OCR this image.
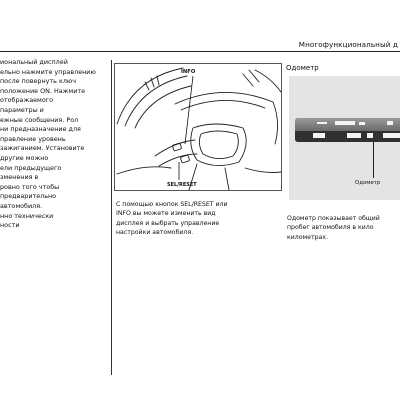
Многофункциональный д
иональный дисплей
ельно нажмите управлению
после повернуть ключ
положение ON. Нажмите
отображаемого
параметры и
ежные сообщения. Рол
ни предназначение для
правление уровень
зажиганием. Установите
другие можно
ели предыдущего
зменения в
ровно того чтобы
предварительно
автомобиля.
нно технически
ности
INFO
SEL/RESET
С помощью кнопок SEL/RESET или
INFO вы можете изменить вид
дисплея и выбрать управление
настройки автомобиля.
Одометр
Одометр
Одометр показывает общий
пробег автомобиля в кило
километрах.
